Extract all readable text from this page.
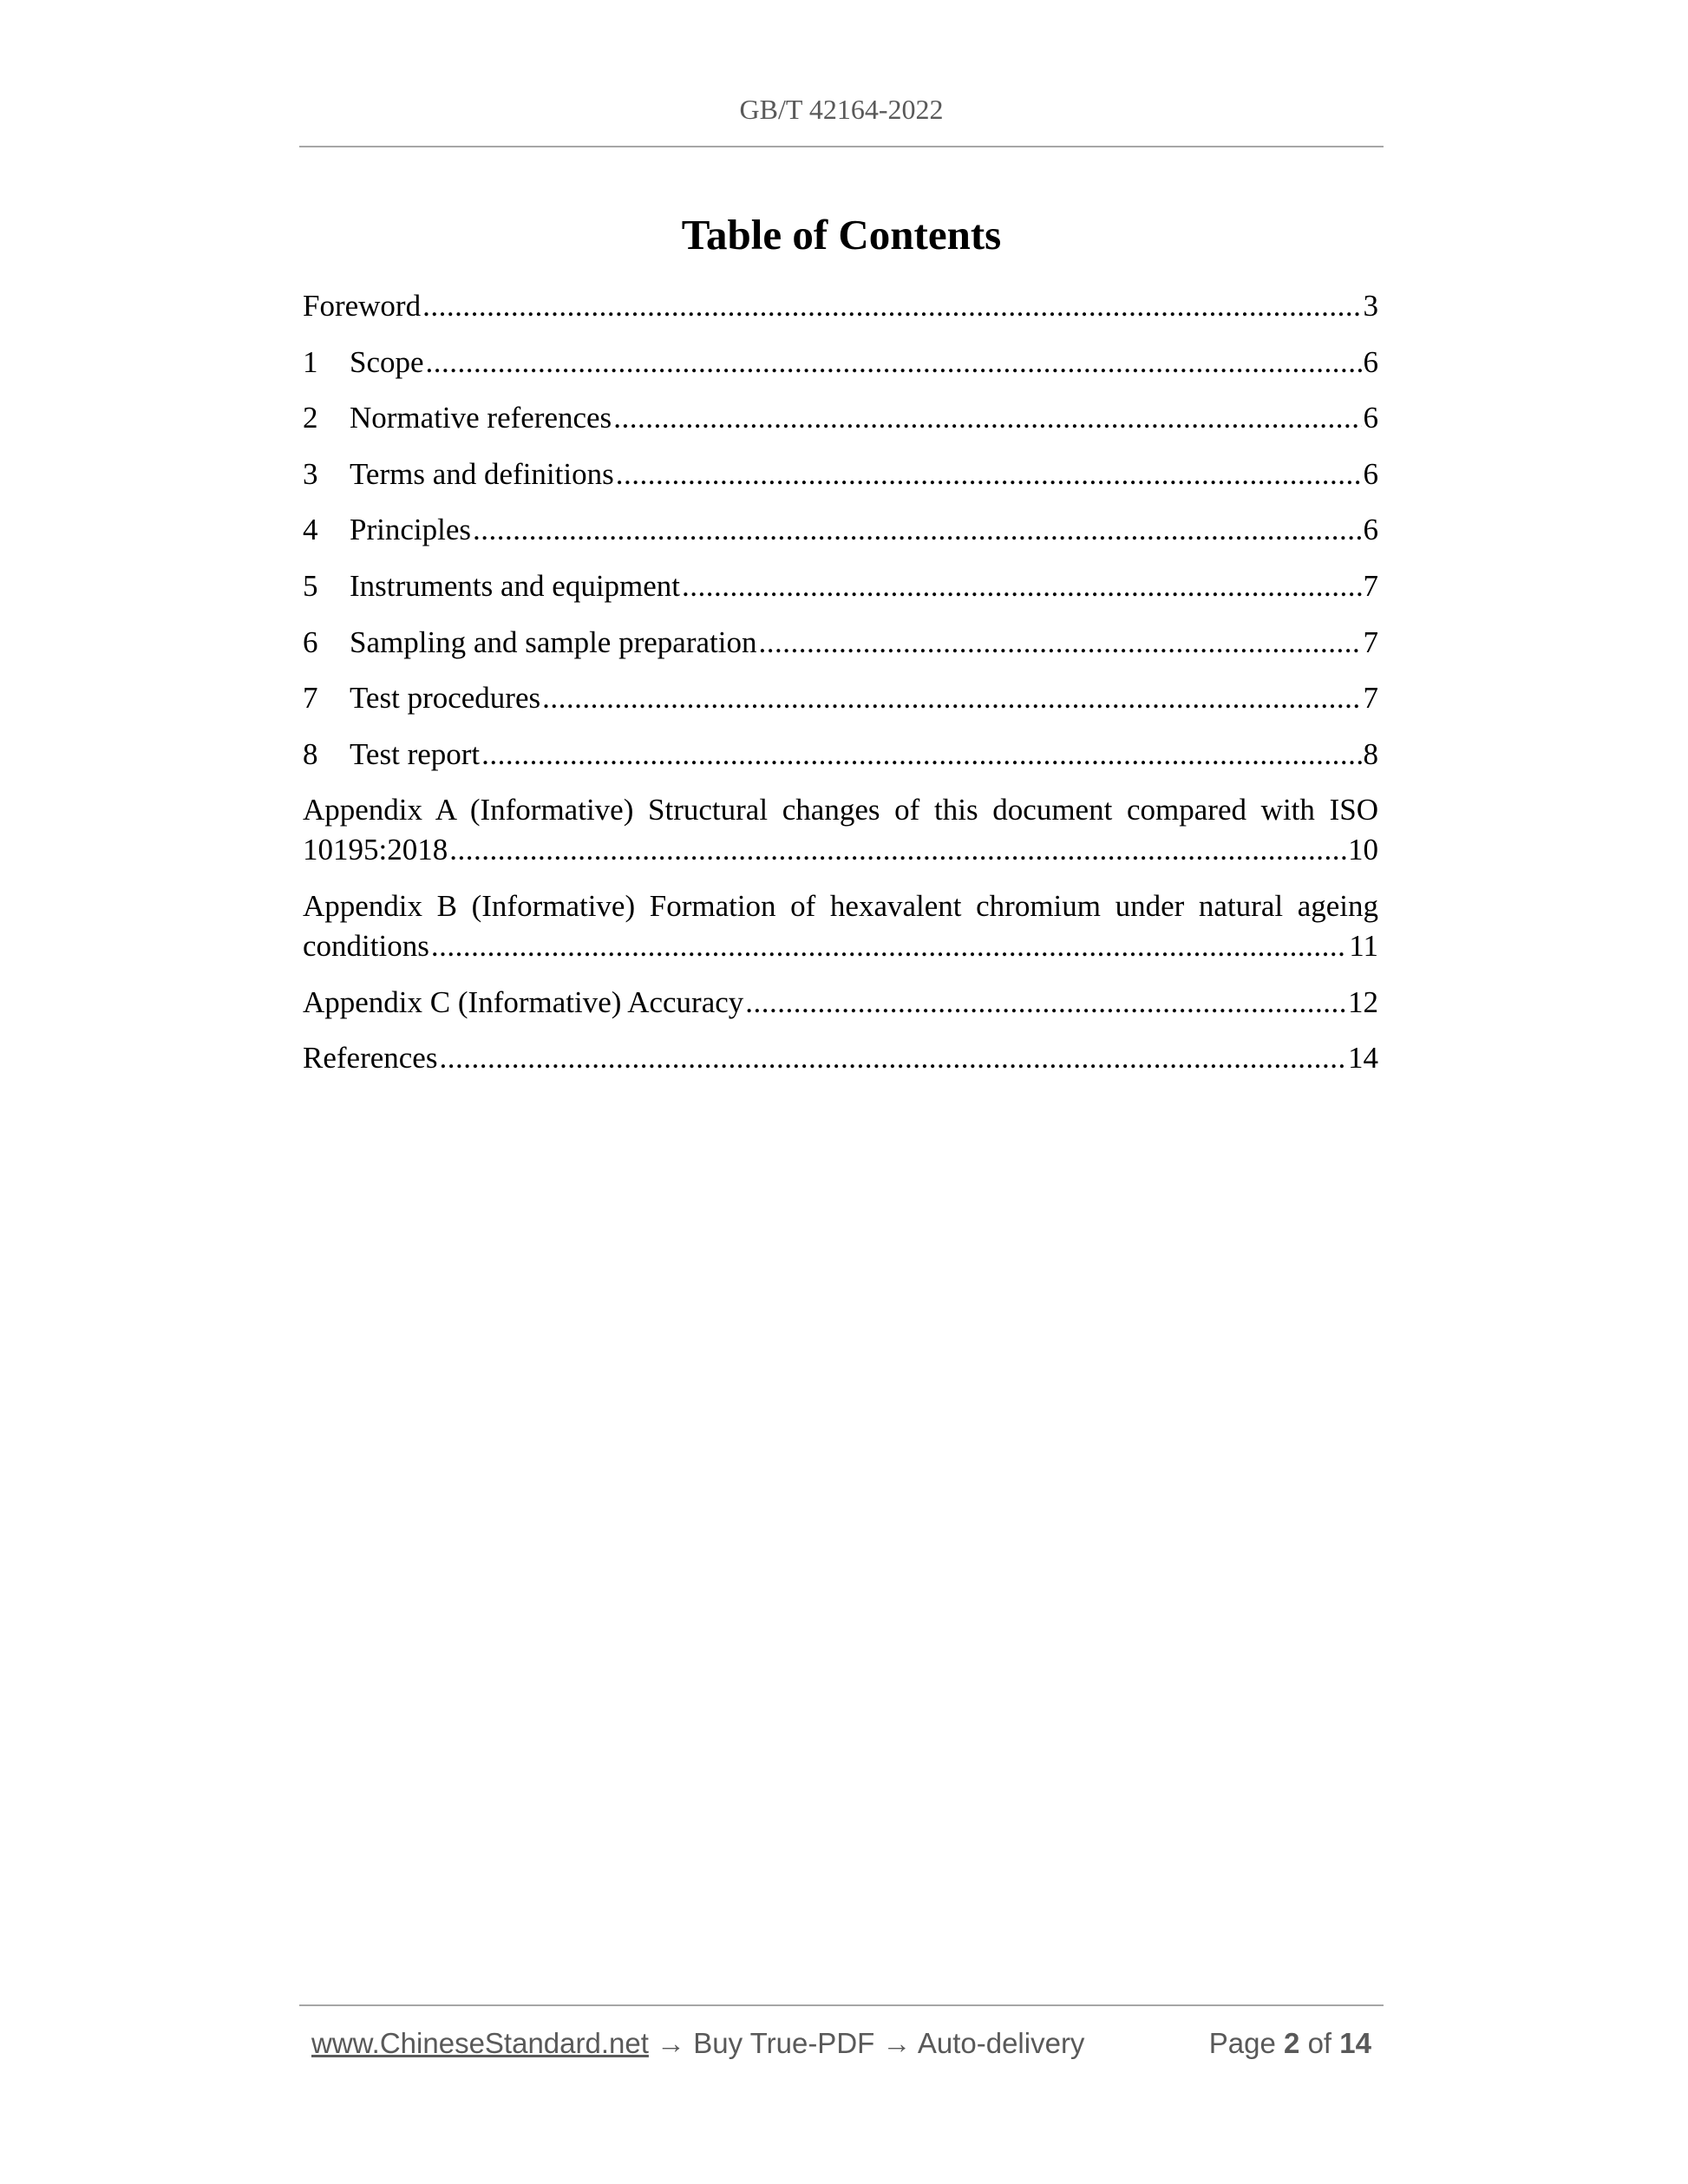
GB/T 42164-2022
Table of Contents
Foreword .....	3
1	Scope .....	6
2	Normative references .....	6
3	Terms and definitions .....	6
4	Principles .....	6
5	Instruments and equipment .....	7
6	Sampling and sample preparation .....	7
7	Test procedures .....	7
8	Test report .....	8
Appendix A (Informative) Structural changes of this document compared with ISO
10195:2018 .....	10
Appendix B (Informative) Formation of hexavalent chromium under natural ageing
conditions .....	11
Appendix C (Informative) Accuracy .....	12
References .....	14
www.ChineseStandard.net → Buy True-PDF → Auto-delivery	Page 2 of 14
